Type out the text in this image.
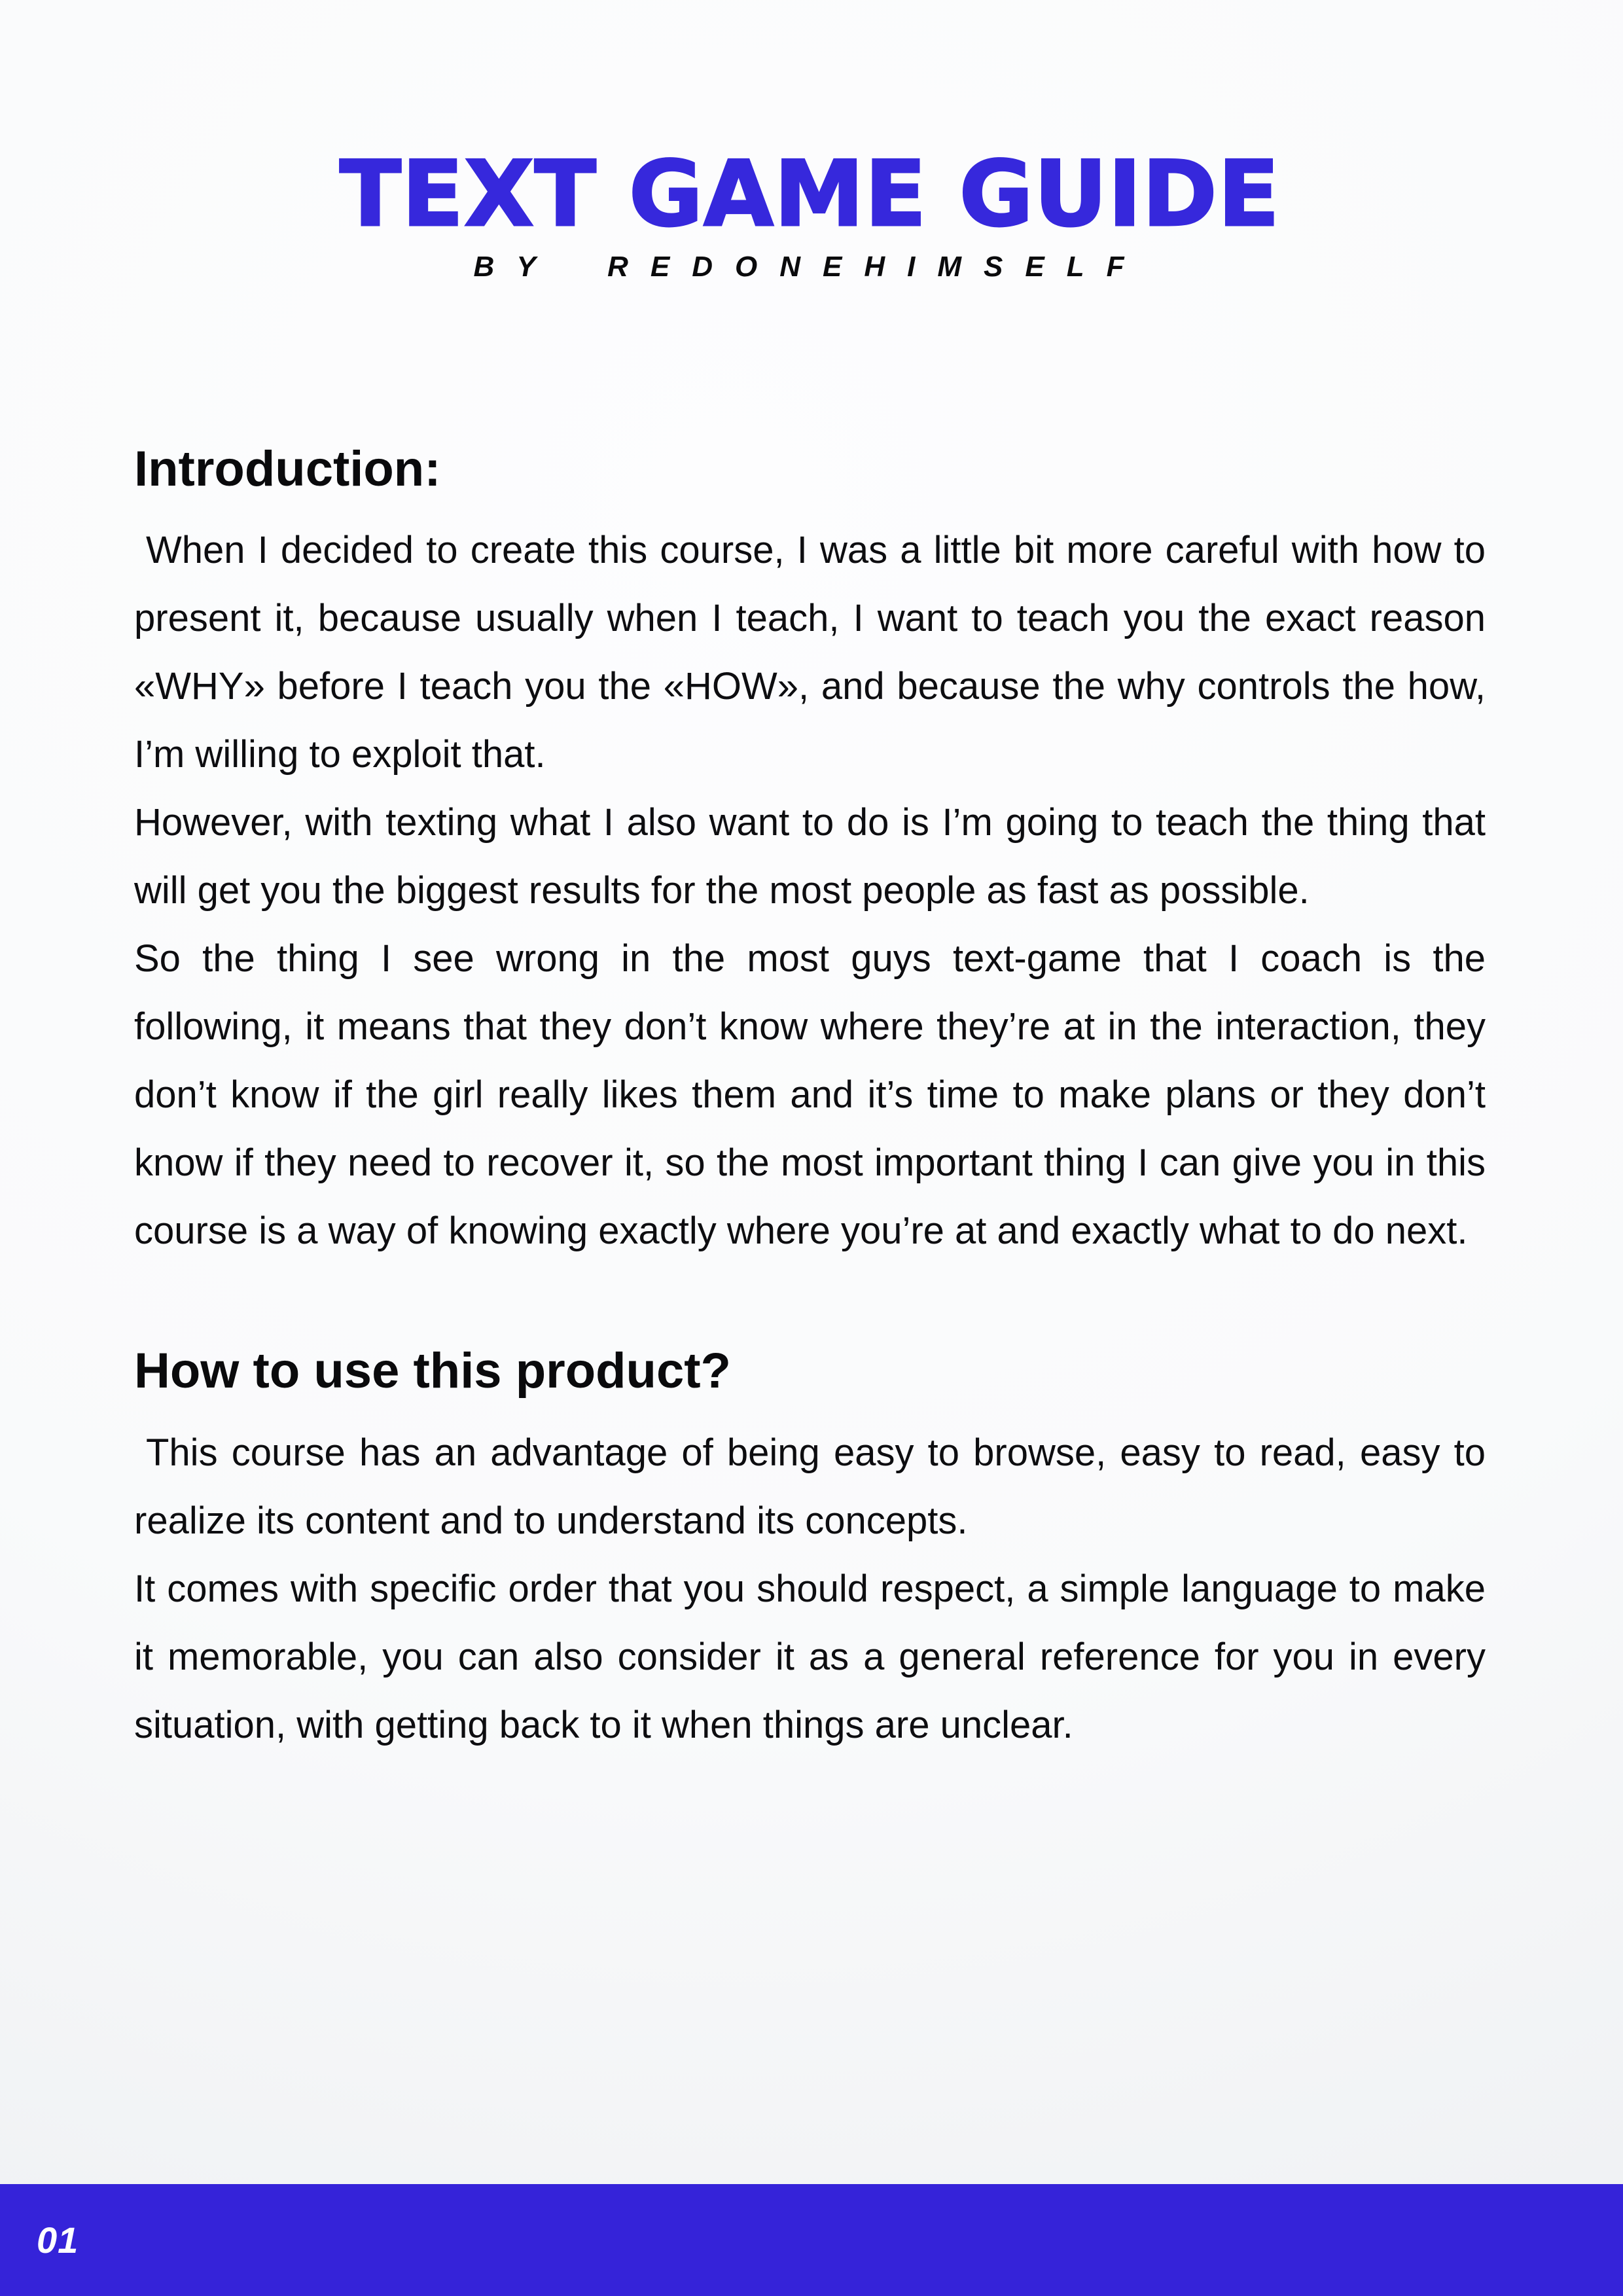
TEXT GAME GUIDE
BY REDONEHIMSELF
Introduction:

When I decided to create this course, I was a little bit more careful with how to present it, because usually when I teach, I want to teach you the exact reason «WHY» before I teach you the «HOW», and because the why controls the how, I’m willing to exploit that.

However, with texting what I also want to do is I’m going to teach the thing that will get you the biggest results for the most people as fast as possible.

So the thing I see wrong in the most guys text-game that I coach is the following, it means that they don’t know where they’re at in the interaction, they don’t know if the girl really likes them and it’s time to make plans or they don’t know if they need to recover it, so the most important thing I can give you in this course is a way of knowing exactly where you’re at and exactly what to do next.

How to use this product?

This course has an advantage of being easy to browse, easy to read, easy to realize its content and to understand its concepts.

It comes with specific order that you should respect, a simple language to make it memorable, you can also consider it as a general reference for you in every situation, with getting back to it when things are unclear.

01
